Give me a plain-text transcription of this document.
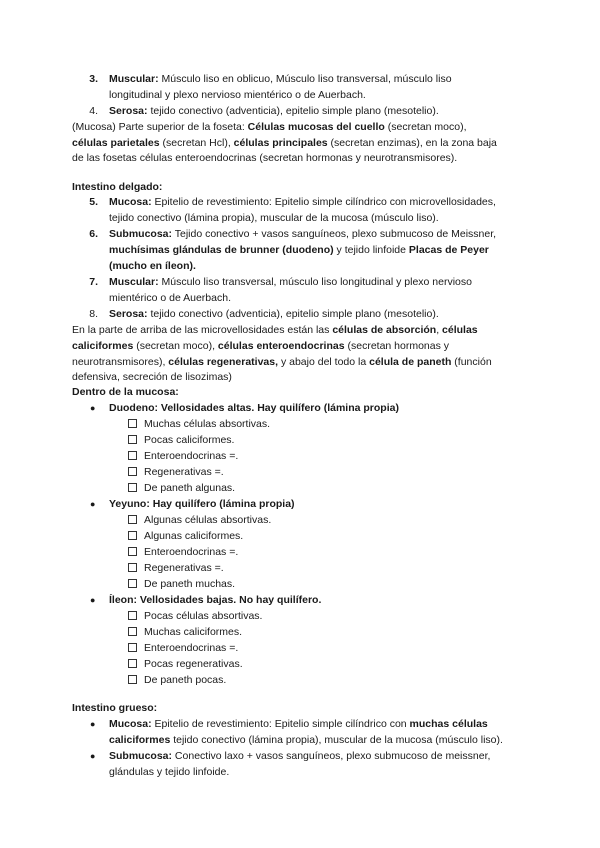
3. Muscular: Músculo liso en oblicuo, Músculo liso transversal, músculo liso
longitudinal y plexo nervioso mientérico o de Auerbach.
4. Serosa: tejido conectivo (adventicia), epitelio simple plano (mesotelio).
(Mucosa) Parte superior de la foseta: Células mucosas del cuello (secretan moco),
células parietales (secretan Hcl), células principales (secretan enzimas), en la zona baja
de las fosetas células enteroendocrinas (secretan hormonas y neurotransmisores).
Intestino delgado:
5. Mucosa: Epitelio de revestimiento: Epitelio simple cilíndrico con microvellosidades,
tejido conectivo (lámina propia), muscular de la mucosa (músculo liso).
6. Submucosa: Tejido conectivo + vasos sanguíneos, plexo submucoso de Meissner,
muchísimas glándulas de brunner (duodeno) y tejido linfoide Placas de Peyer
(mucho en íleon).
7. Muscular: Músculo liso transversal, músculo liso longitudinal y plexo nervioso
mientérico o de Auerbach.
8. Serosa: tejido conectivo (adventicia), epitelio simple plano (mesotelio).
En la parte de arriba de las microvellosidades están las células de absorción, células
caliciformes (secretan moco), células enteroendocrinas (secretan hormonas y
neurotransmisores), células regenerativas, y abajo del todo la célula de paneth (función
defensiva, secreción de lisozimas)
Dentro de la mucosa:
● Duodeno: Vellosidades altas. Hay quilífero (lámina propia)
Muchas células absortivas.
Pocas caliciformes.
Enteroendocrinas =.
Regenerativas =.
De paneth algunas.
● Yeyuno: Hay quilífero (lámina propia)
Algunas células absortivas.
Algunas caliciformes.
Enteroendocrinas =.
Regenerativas =.
De paneth muchas.
● Íleon: Vellosidades bajas. No hay quilífero.
Pocas células absortivas.
Muchas caliciformes.
Enteroendocrinas =.
Pocas regenerativas.
De paneth pocas.
Intestino grueso:
● Mucosa: Epitelio de revestimiento: Epitelio simple cilíndrico con muchas células
caliciformes tejido conectivo (lámina propia), muscular de la mucosa (músculo liso).
● Submucosa: Conectivo laxo + vasos sanguíneos, plexo submucoso de meissner,
glándulas y tejido linfoide.
